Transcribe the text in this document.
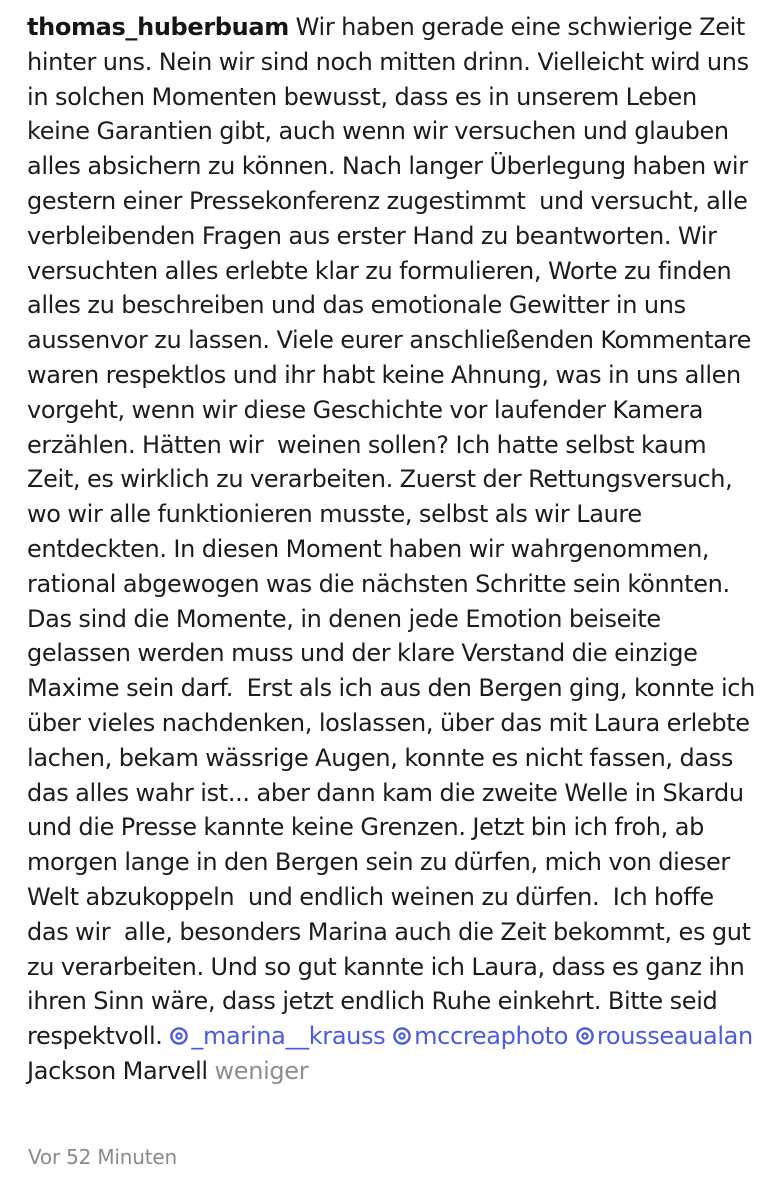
thomas_huberbuam Wir haben gerade eine schwierige Zeit hinter uns. Nein wir sind noch mitten drinn. Vielleicht wird uns in solchen Momenten bewusst, dass es in unserem Leben keine Garantien gibt, auch wenn wir versuchen und glauben alles absichern zu können. Nach langer Überlegung haben wir gestern einer Pressekonferenz zugestimmt  und versucht, alle verbleibenden Fragen aus erster Hand zu beantworten. Wir versuchten alles erlebte klar zu formulieren, Worte zu finden alles zu beschreiben und das emotionale Gewitter in uns aussenvor zu lassen. Viele eurer anschließenden Kommentare waren respektlos und ihr habt keine Ahnung, was in uns allen vorgeht, wenn wir diese Geschichte vor laufender Kamera erzählen. Hätten wir  weinen sollen? Ich hatte selbst kaum  Zeit, es wirklich zu verarbeiten. Zuerst der Rettungsversuch, wo wir alle funktionieren musste, selbst als wir Laure entdeckten. In diesen Moment haben wir wahrgenommen, rational abgewogen was die nächsten Schritte sein könnten.  Das sind die Momente, in denen jede Emotion beiseite gelassen werden muss und der klare Verstand die einzige Maxime sein darf.  Erst als ich aus den Bergen ging, konnte ich über vieles nachdenken, loslassen, über das mit Laura erlebte lachen, bekam wässrige Augen, konnte es nicht fassen, dass das alles wahr ist... aber dann kam die zweite Welle in Skardu und die Presse kannte keine Grenzen. Jetzt bin ich froh, ab morgen lange in den Bergen sein zu dürfen, mich von dieser Welt abzukoppeln  und endlich weinen zu dürfen.  Ich hoffe das wir  alle, besonders Marina auch die Zeit bekommt, es gut zu verarbeiten. Und so gut kannte ich Laura, dass es ganz ihn ihren Sinn wäre, dass jetzt endlich Ruhe einkehrt. Bitte seid respektvoll. _marina__krauss mccreaphoto rousseaualan Jackson Marvell weniger

Vor 52 Minuten
